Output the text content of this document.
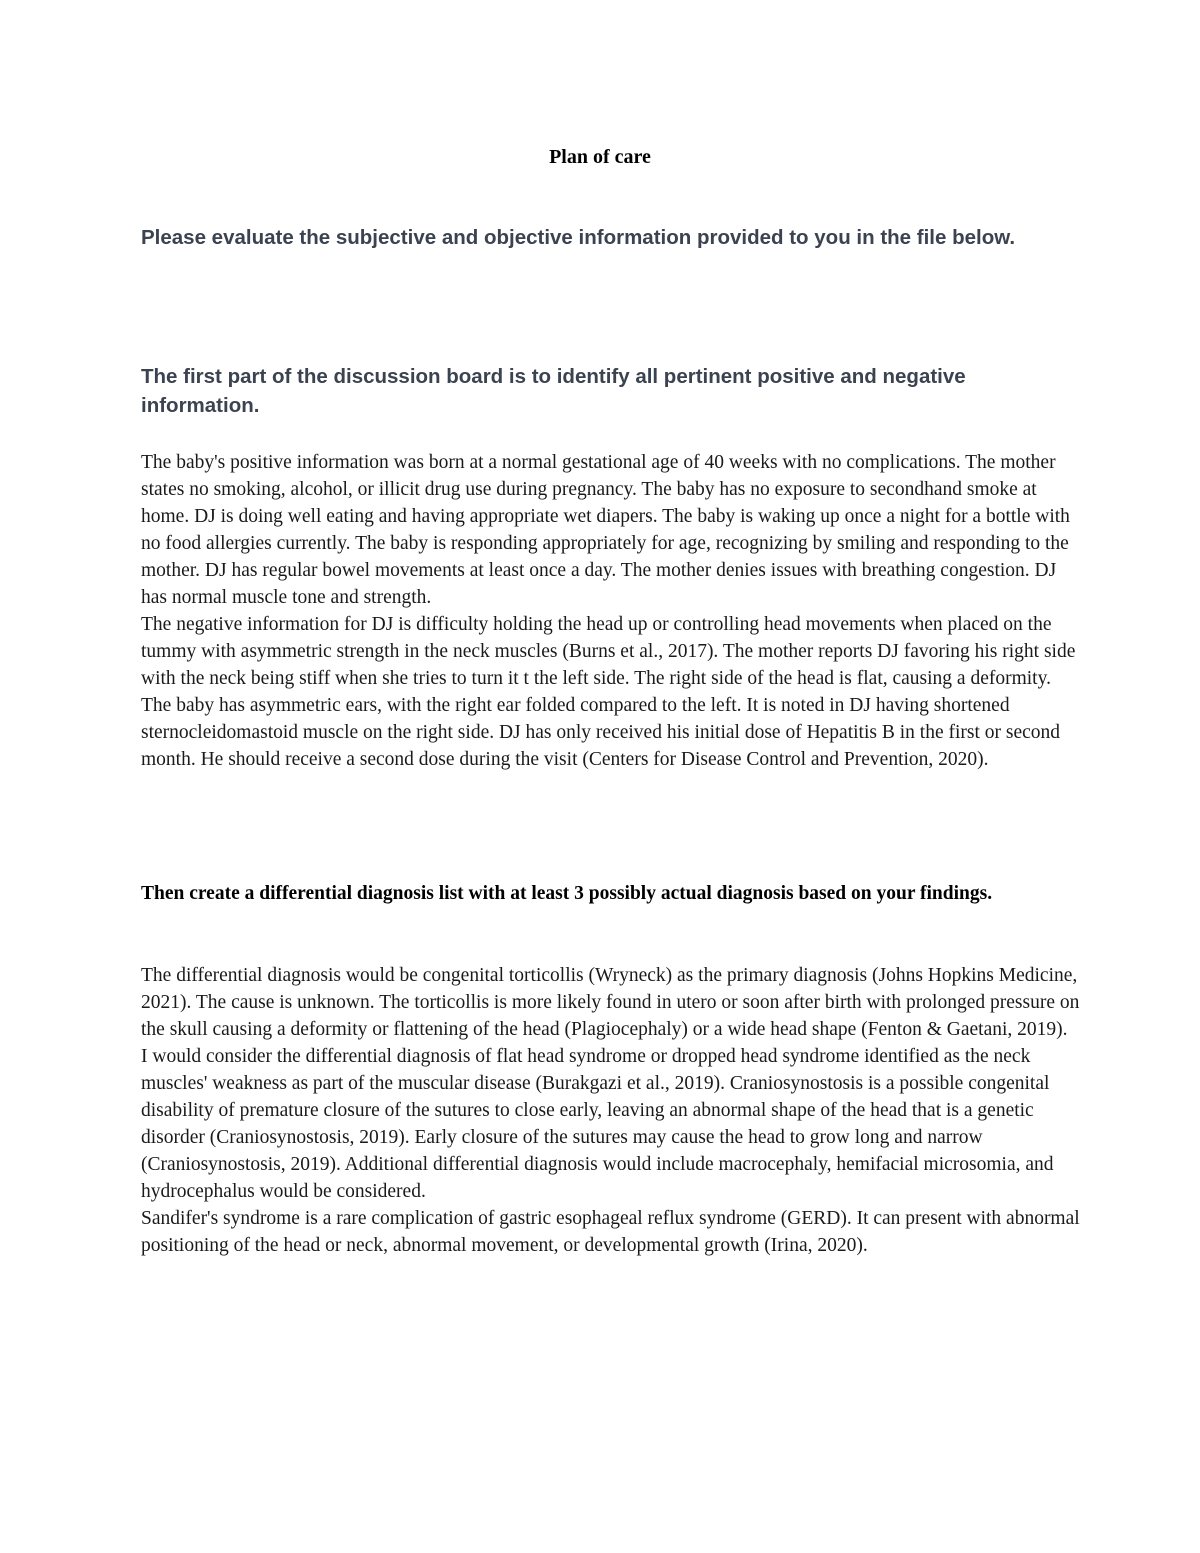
Plan of care
Please evaluate the subjective and objective information provided to you in the file below.
The first part of the discussion board is to identify all pertinent positive and negative information.

The baby's positive information was born at a normal gestational age of 40 weeks with no complications. The mother states no smoking, alcohol, or illicit drug use during pregnancy. The baby has no exposure to secondhand smoke at home. DJ is doing well eating and having appropriate wet diapers. The baby is waking up once a night for a bottle with no food allergies currently. The baby is responding appropriately for age, recognizing by smiling and responding to the mother. DJ has regular bowel movements at least once a day. The mother denies issues with breathing congestion. DJ has normal muscle tone and strength.

The negative information for DJ is difficulty holding the head up or controlling head movements when placed on the tummy with asymmetric strength in the neck muscles (Burns et al., 2017). The mother reports DJ favoring his right side with the neck being stiff when she tries to turn it t the left side. The right side of the head is flat, causing a deformity. The baby has asymmetric ears, with the right ear folded compared to the left. It is noted in DJ having shortened sternocleidomastoid muscle on the right side. DJ has only received his initial dose of Hepatitis B in the first or second month. He should receive a second dose during the visit (Centers for Disease Control and Prevention, 2020).

Then create a differential diagnosis list with at least 3 possibly actual diagnosis based on your findings.

The differential diagnosis would be congenital torticollis (Wryneck) as the primary diagnosis (Johns Hopkins Medicine, 2021). The cause is unknown. The torticollis is more likely found in utero or soon after birth with prolonged pressure on the skull causing a deformity or flattening of the head (Plagiocephaly) or a wide head shape (Fenton & Gaetani, 2019).

I would consider the differential diagnosis of flat head syndrome or dropped head syndrome identified as the neck muscles' weakness as part of the muscular disease (Burakgazi et al., 2019). Craniosynostosis is a possible congenital disability of premature closure of the sutures to close early, leaving an abnormal shape of the head that is a genetic disorder (Craniosynostosis, 2019). Early closure of the sutures may cause the head to grow long and narrow (Craniosynostosis, 2019). Additional differential diagnosis would include macrocephaly, hemifacial microsomia, and hydrocephalus would be considered.

Sandifer's syndrome is a rare complication of gastric esophageal reflux syndrome (GERD). It can present with abnormal positioning of the head or neck, abnormal movement, or developmental growth (Irina, 2020).
